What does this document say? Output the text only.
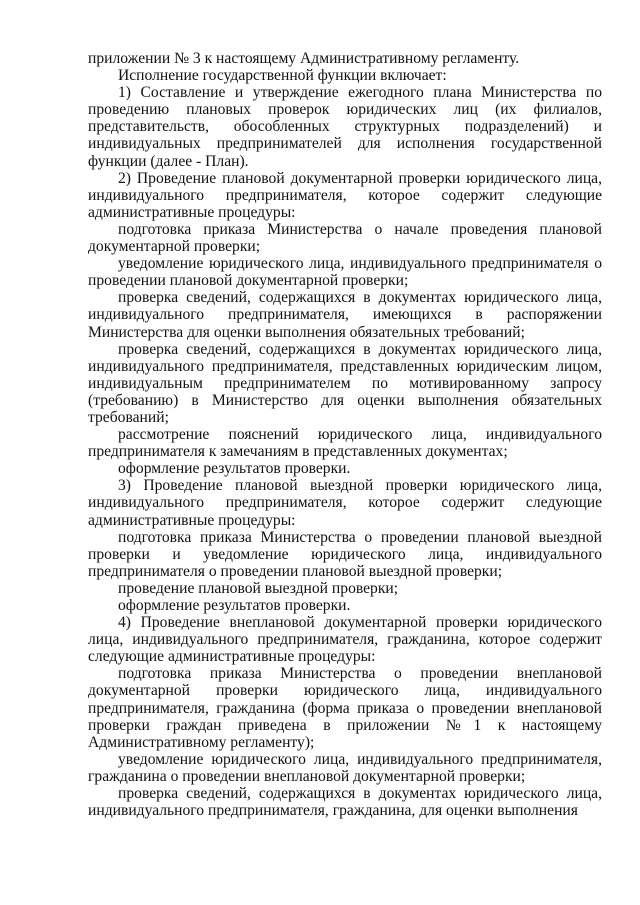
приложении № 3 к настоящему Административному регламенту.

Исполнение государственной функции включает:

1) Составление и утверждение ежегодного плана Министерства по проведению плановых проверок юридических лиц (их филиалов, представительств, обособленных структурных подразделений) и индивидуальных предпринимателей для исполнения государственной функции (далее - План).

2) Проведение плановой документарной проверки юридического лица, индивидуального предпринимателя, которое содержит следующие административные процедуры:

подготовка приказа Министерства о начале проведения плановой документарной проверки;

уведомление юридического лица, индивидуального предпринимателя о проведении плановой документарной проверки;

проверка сведений, содержащихся в документах юридического лица, индивидуального предпринимателя, имеющихся в распоряжении Министерства для оценки выполнения обязательных требований;

проверка сведений, содержащихся в документах юридического лица, индивидуального предпринимателя, представленных юридическим лицом, индивидуальным предпринимателем по мотивированному запросу (требованию) в Министерство для оценки выполнения обязательных требований;

рассмотрение пояснений юридического лица, индивидуального предпринимателя к замечаниям в представленных документах;

оформление результатов проверки.

3) Проведение плановой выездной проверки юридического лица, индивидуального предпринимателя, которое содержит следующие административные процедуры:

подготовка приказа Министерства о проведении плановой выездной проверки и уведомление юридического лица, индивидуального предпринимателя о проведении плановой выездной проверки;

проведение плановой выездной проверки;

оформление результатов проверки.

4) Проведение внеплановой документарной проверки юридического лица, индивидуального предпринимателя, гражданина, которое содержит следующие административные процедуры:

подготовка приказа Министерства о проведении внеплановой документарной проверки юридического лица, индивидуального предпринимателя, гражданина (форма приказа о проведении внеплановой проверки граждан приведена в приложении №1 к настоящему Административному регламенту);

уведомление юридического лица, индивидуального предпринимателя, гражданина о проведении внеплановой документарной проверки;

проверка сведений, содержащихся в документах юридического лица, индивидуального предпринимателя, гражданина, для оценки выполнения
